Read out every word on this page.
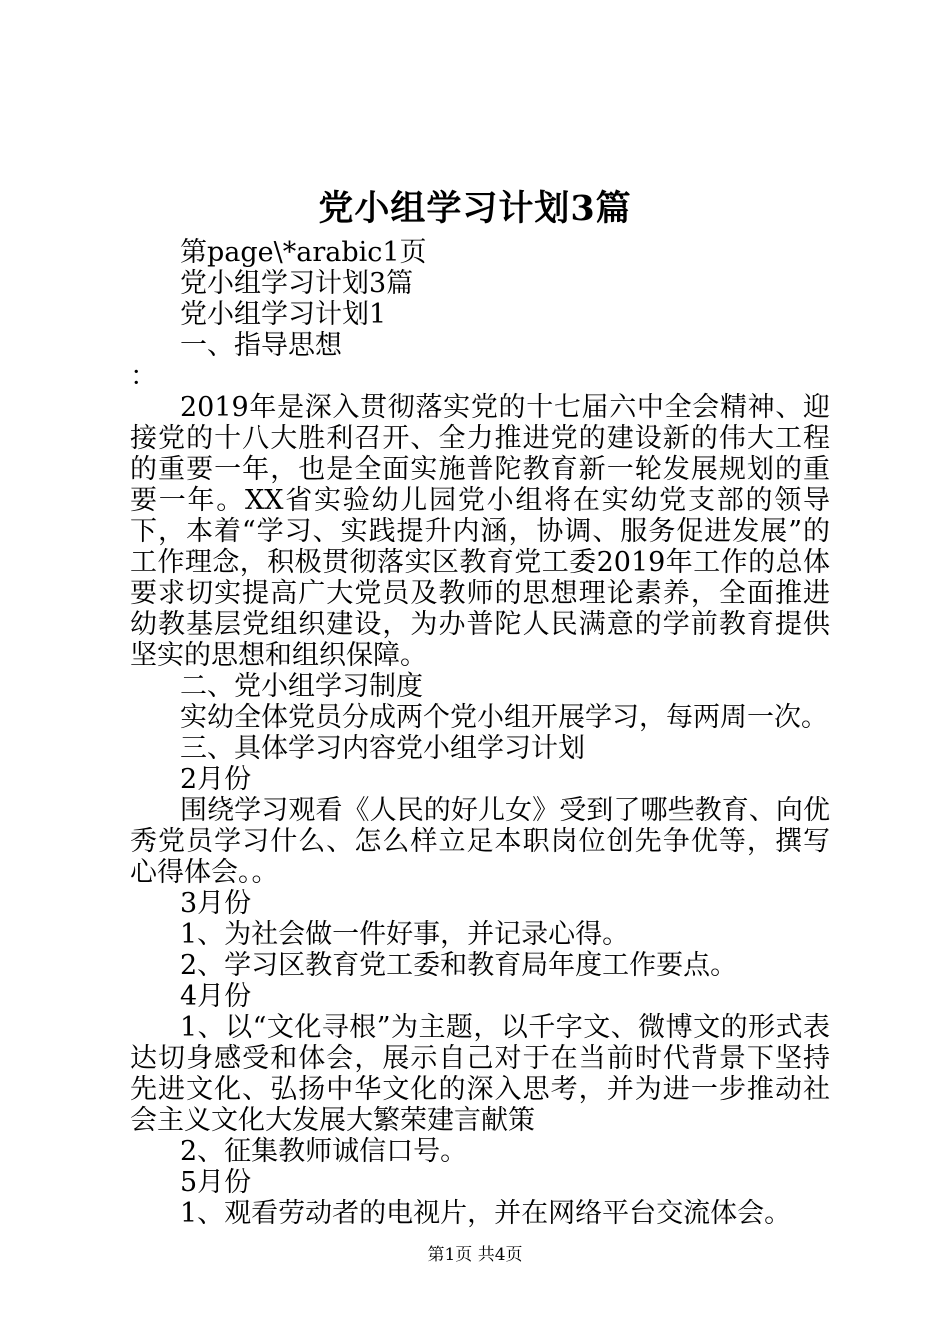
党小组学习计划3篇

第page\*arabic1页

党小组学习计划3篇

党小组学习计划1

一、指导思想

：

2019年是深入贯彻落实党的十七届六中全会精神、迎接党的十八大胜利召开、全力推进党的建设新的伟大工程的重要一年，也是全面实施普陀教育新一轮发展规划的重要一年。XX省实验幼儿园党小组将在实幼党支部的领导下，本着“学习、实践提升内涵，协调、服务促进发展”的工作理念，积极贯彻落实区教育党工委2019年工作的总体要求切实提高广大党员及教师的思想理论素养，全面推进幼教基层党组织建设，为办普陀人民满意的学前教育提供坚实的思想和组织保障。

二、党小组学习制度

实幼全体党员分成两个党小组开展学习，每两周一次。

三、具体学习内容党小组学习计划

2月份

围绕学习观看《人民的好儿女》受到了哪些教育、向优秀党员学习什么、怎么样立足本职岗位创先争优等，撰写心得体会。。

3月份

1、为社会做一件好事，并记录心得。

2、学习区教育党工委和教育局年度工作要点。

4月份

1、以“文化寻根”为主题，以千字文、微博文的形式表达切身感受和体会，展示自己对于在当前时代背景下坚持先进文化、弘扬中华文化的深入思考，并为进一步推动社会主义文化大发展大繁荣建言献策

2、征集教师诚信口号。

5月份

1、观看劳动者的电视片，并在网络平台交流体会。

第1页 共4页
